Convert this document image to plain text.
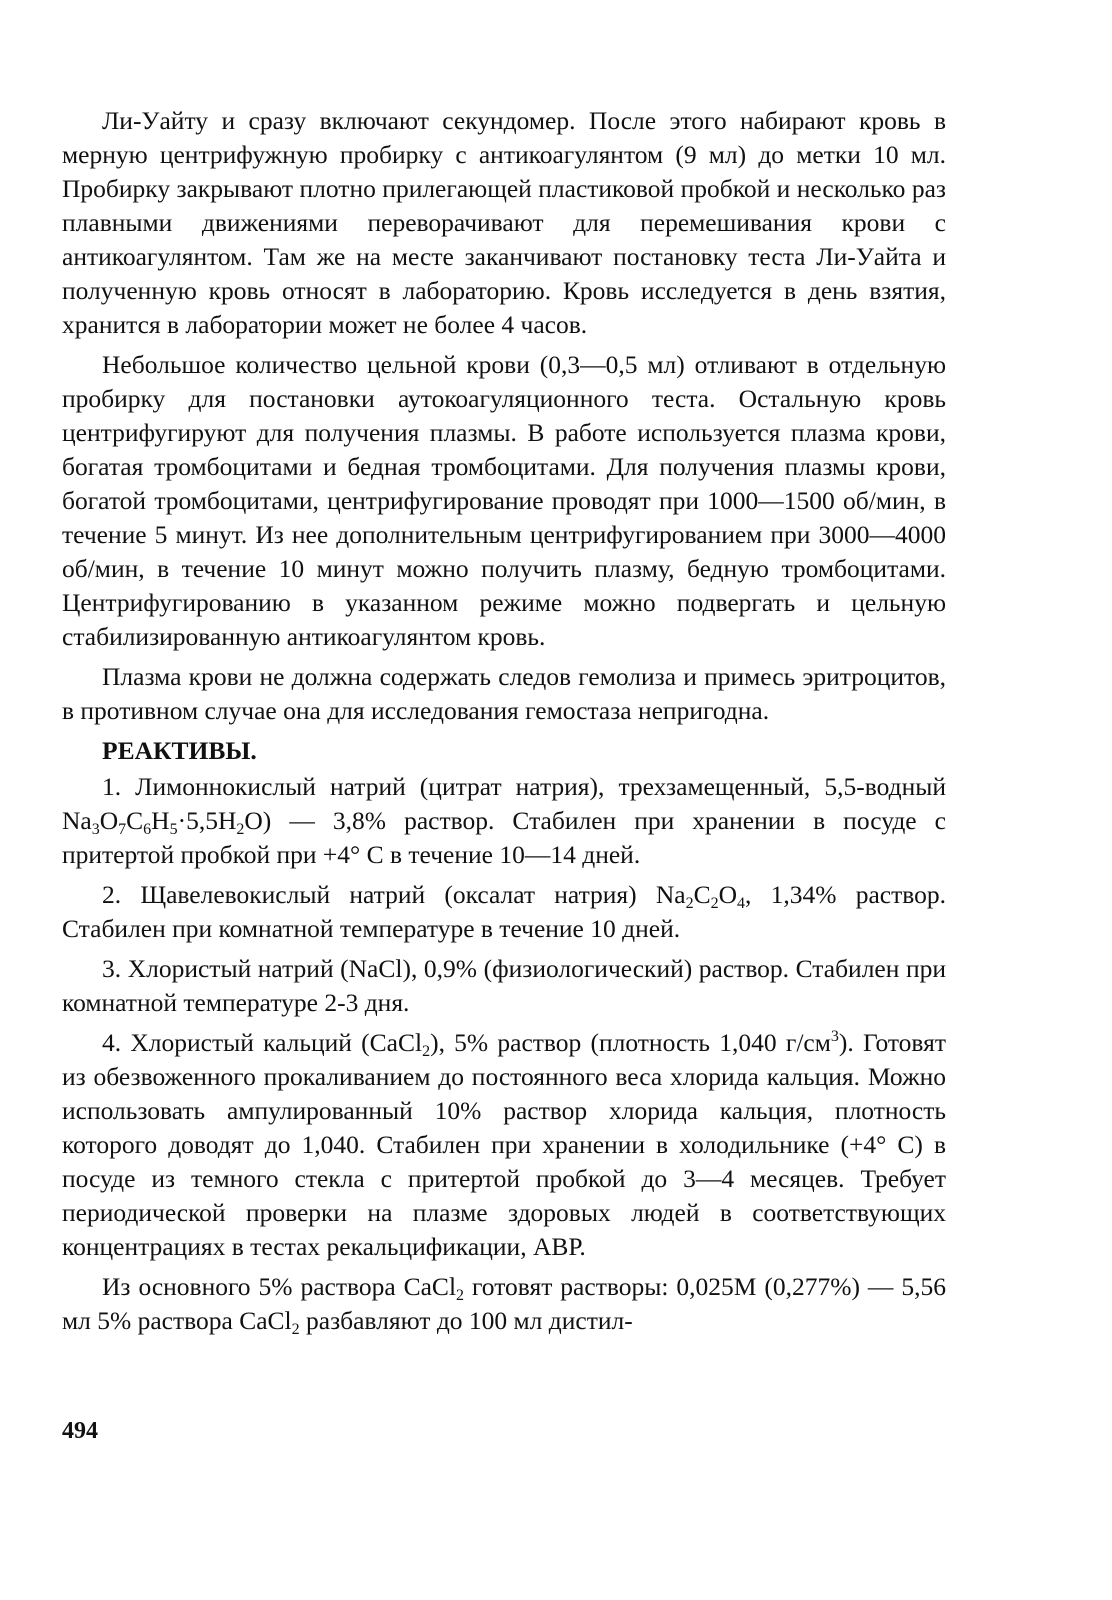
Ли-Уайту и сразу включают секундомер. После этого набирают кровь в мерную центрифужную пробирку с антикоагулянтом (9 мл) до метки 10 мл. Пробирку закрывают плотно прилегающей пластиковой пробкой и несколько раз плавными движениями переворачивают для перемешивания крови с антикоагулянтом. Там же на месте заканчивают постановку теста Ли-Уайта и полученную кровь относят в лабораторию. Кровь исследуется в день взятия, хранится в лаборатории может не более 4 часов.

Небольшое количество цельной крови (0,3—0,5 мл) отливают в отдельную пробирку для постановки аутокоагуляционного теста. Остальную кровь центрифугируют для получения плазмы. В работе используется плазма крови, богатая тромбоцитами и бедная тромбоцитами. Для получения плазмы крови, богатой тромбоцитами, центрифугирование проводят при 1000—1500 об/мин, в течение 5 минут. Из нее дополнительным центрифугированием при 3000—4000 об/мин, в течение 10 минут можно получить плазму, бедную тромбоцитами. Центрифугированию в указанном режиме можно подвергать и цельную стабилизированную антикоагулянтом кровь.

Плазма крови не должна содержать следов гемолиза и примесь эритроцитов, в противном случае она для исследования гемостаза непригодна.

РЕАКТИВЫ.

1. Лимоннокислый натрий (цитрат натрия), трехзамещенный, 5,5-водный $Na_3O_7C_6H_5\cdot 5,5H_2O$) — 3,8% раствор. Стабилен при хранении в посуде с притертой пробкой при +4° С в течение 10—14 дней.

2. Щавелевокислый натрий (оксалат натрия) $Na_2C_2O_4$, 1,34% раствор. Стабилен при комнатной температуре в течение 10 дней.

3. Хлористый натрий (NaCl), 0,9% (физиологический) раствор. Стабилен при комнатной температуре 2-3 дня.

4. Хлористый кальций (CaCl$_2$), 5% раствор (плотность 1,040 $г/см^3$). Готовят из обезвоженного прокаливанием до постоянного веса хлорида кальция. Можно использовать ампулированный 10% раствор хлорида кальция, плотность которого доводят до 1,040. Стабилен при хранении в холодильнике (+4° С) в посуде из темного стекла с притертой пробкой до 3—4 месяцев. Требует периодической проверки на плазме здоровых людей в соответствующих концентрациях в тестах рекальцификации, АВР.

Из основного 5% раствора CaCl$_2$ готовят растворы: 0,025М (0,277%) — 5,56 мл 5% раствора CaCl$_2$ разбавляют до 100 мл дистил-

494
